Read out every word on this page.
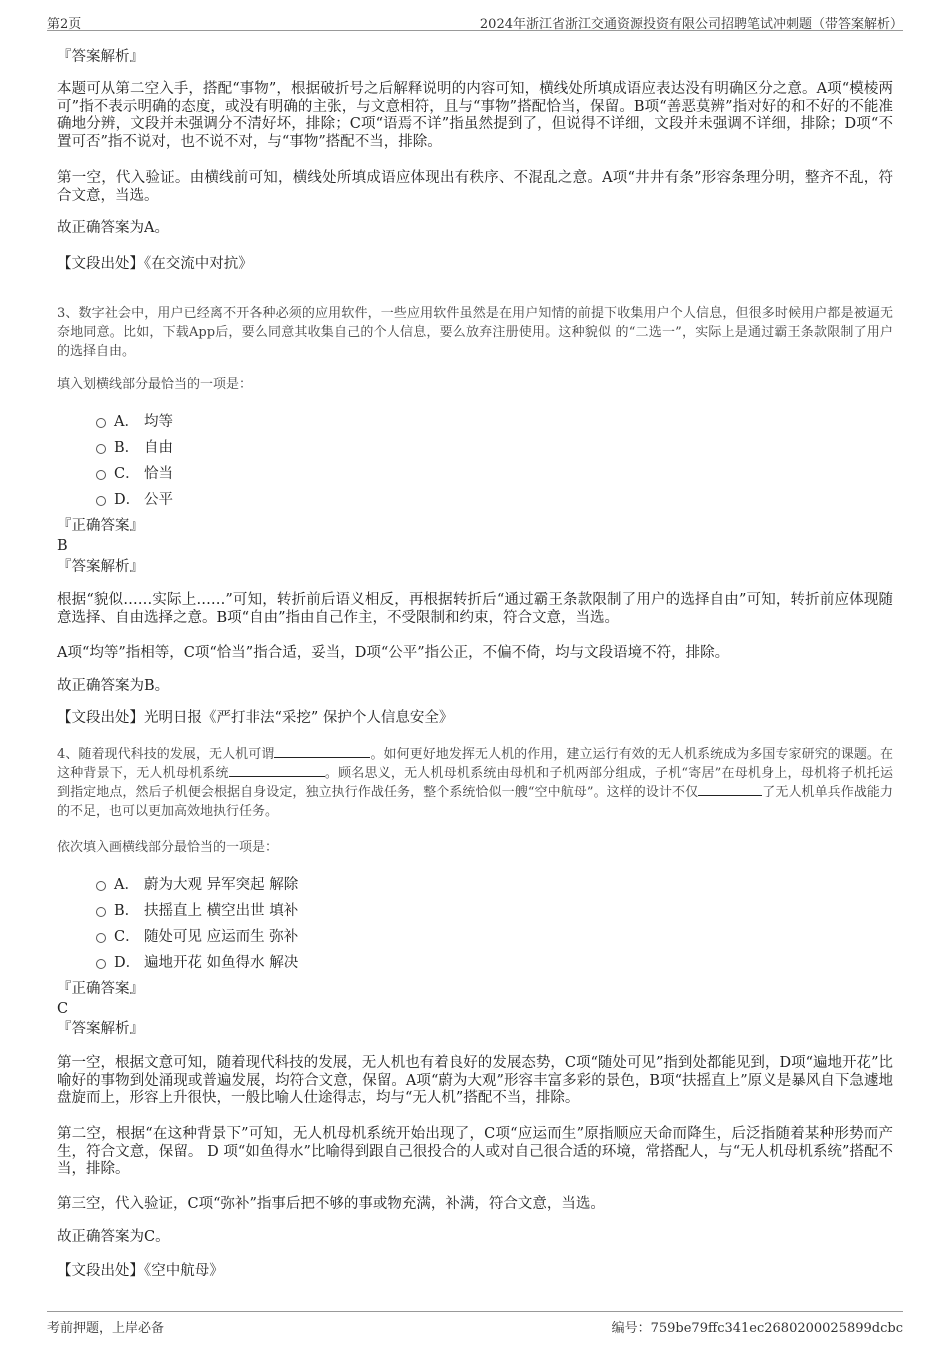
第2页	2024年浙江省浙江交通资源投资有限公司招聘笔试冲刺题（带答案解析）
『答案解析』
本题可从第二空入手，搭配“事物”，根据破折号之后解释说明的内容可知，横线处所填成语应表达没有明确区分之意。A项“模棱两可”指不表示明确的态度，或没有明确的主张，与文意相符，且与“事物”搭配恰当，保留。B项“善恶莫辨”指对好的和不好的不能准确地分辨，文段并未强调分不清好坏，排除；C项“语焉不详”指虽然提到了，但说得不详细，文段并未强调不详细，排除；D项“不置可否”指不说对，也不说不对，与“事物”搭配不当，排除。
第一空，代入验证。由横线前可知，横线处所填成语应体现出有秩序、不混乱之意。A项“井井有条”形容条理分明，整齐不乱，符合文意，当选。
故正确答案为A。
【文段出处】《在交流中对抗》
3、数字社会中，用户已经离不开各种必须的应用软件，一些应用软件虽然是在用户知情的前提下收集用户个人信息，但很多时候用户都是被逼无奈地同意。比如，下载App后，要么同意其收集自己的个人信息，要么放弃注册使用。这种貌似 的“二选一”，实际上是通过霸王条款限制了用户的选择自由。
填入划横线部分最恰当的一项是：
A． 均等
B． 自由
C． 恰当
D． 公平
『正确答案』
B
『答案解析』
根据“貌似……实际上……”可知，转折前后语义相反，再根据转折后“通过霸王条款限制了用户的选择自由”可知，转折前应体现随意选择、自由选择之意。B项“自由”指由自己作主，不受限制和约束，符合文意，当选。
A项“均等”指相等，C项“恰当”指合适，妥当，D项“公平”指公正，不偏不倚，均与文段语境不符，排除。
故正确答案为B。
【文段出处】光明日报《严打非法“采挖” 保护个人信息安全》
4、随着现代科技的发展，无人机可谓	。如何更好地发挥无人机的作用，建立运行有效的无人机系统成为多国专家研究的课题。在这种背景下，无人机母机系统	。顾名思义，无人机母机系统由母机和子机两部分组成，子机“寄居”在母机身上，母机将子机托运到指定地点，然后子机便会根据自身设定，独立执行作战任务，整个系统恰似一艘“空中航母”。这样的设计不仅	了无人机单兵作战能力的不足，也可以更加高效地执行任务。
依次填入画横线部分最恰当的一项是：
A． 蔚为大观 异军突起 解除
B． 扶摇直上 横空出世 填补
C． 随处可见 应运而生 弥补
D． 遍地开花 如鱼得水 解决
『正确答案』
C
『答案解析』
第一空，根据文意可知，随着现代科技的发展，无人机也有着良好的发展态势，C项“随处可见”指到处都能见到，D项“遍地开花”比喻好的事物到处涌现或普遍发展，均符合文意，保留。A项“蔚为大观”形容丰富多彩的景色，B项“扶摇直上”原义是暴风自下急遽地盘旋而上，形容上升很快，一般比喻人仕途得志，均与“无人机”搭配不当，排除。
第二空，根据“在这种背景下”可知，无人机母机系统开始出现了，C项“应运而生”原指顺应天命而降生，后泛指随着某种形势而产生，符合文意，保留。 D 项“如鱼得水”比喻得到跟自己很投合的人或对自己很合适的环境，常搭配人，与“无人机母机系统”搭配不当，排除。
第三空，代入验证，C项“弥补”指事后把不够的事或物充满，补满，符合文意，当选。
故正确答案为C。
【文段出处】《空中航母》
考前押题，上岸必备	编号：759be79ffc341ec2680200025899dcbc
